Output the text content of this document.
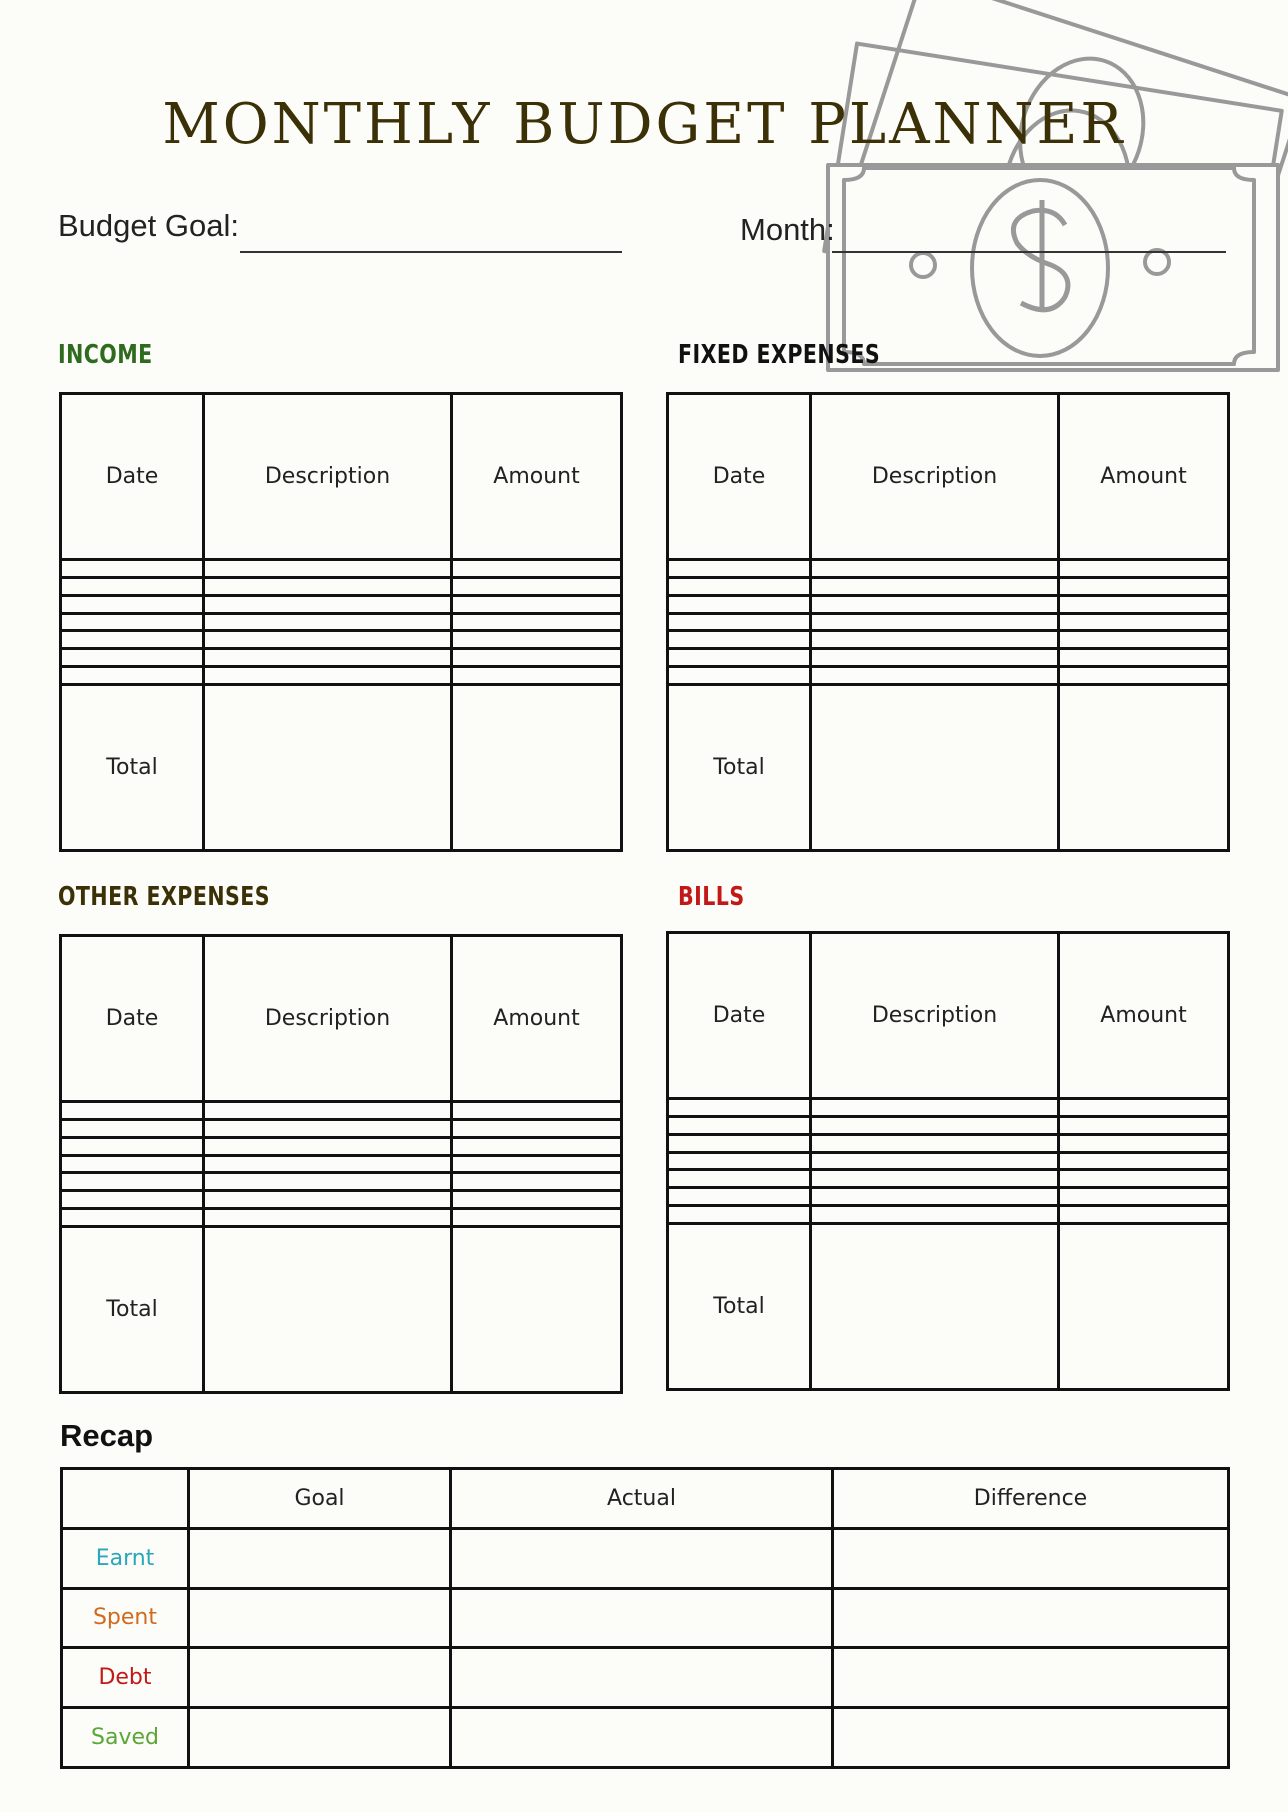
MONTHLY BUDGET PLANNER
Budget Goal:	Month:
INCOME	FIXED EXPENSES
OTHER EXPENSES	BILLS
Date	Description	Amount

Total		
Date	Description	Amount

Total		
Date	Description	Amount

Total		
Date	Description	Amount

Total		
Recap
	Goal	Actual	Difference
Earnt			
Spent			
Debt			
Saved			
